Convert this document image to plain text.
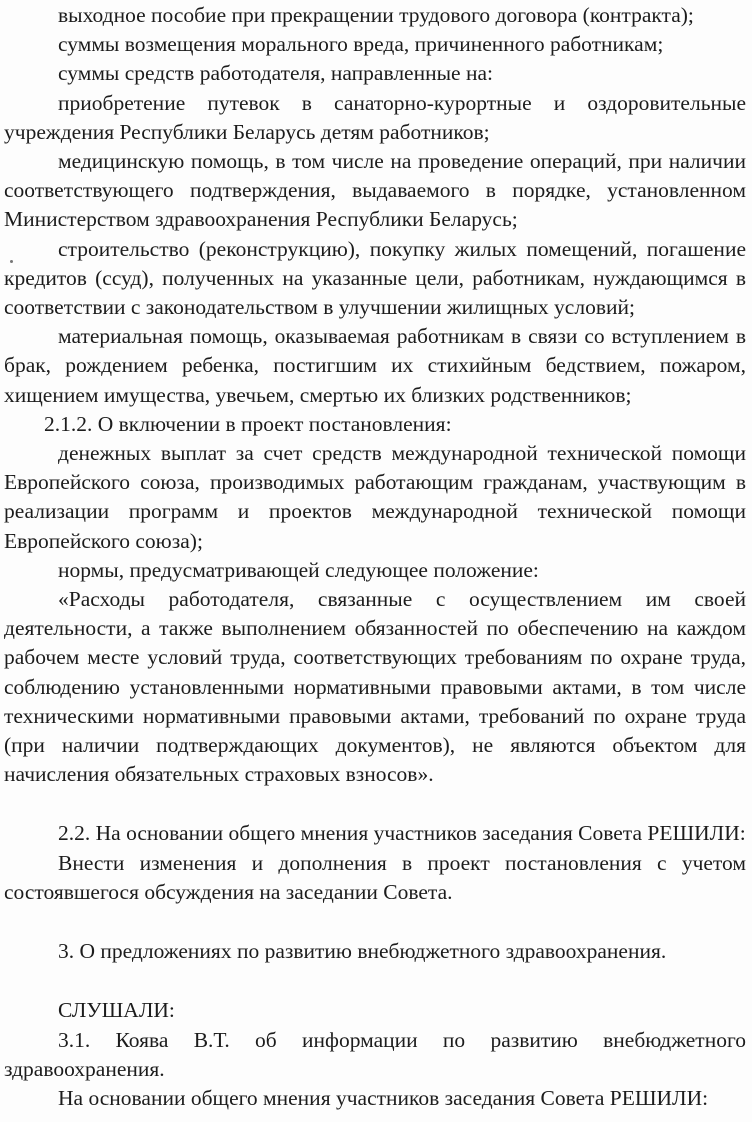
выходное пособие при прекращении трудового договора (контракта);

суммы возмещения морального вреда, причиненного работникам;

суммы средств работодателя, направленные на:

приобретение путевок в санаторно-курортные и оздоровительные учреждения Республики Беларусь детям работников;

медицинскую помощь, в том числе на проведение операций, при наличии соответствующего подтверждения, выдаваемого в порядке, установленном Министерством здравоохранения Республики Беларусь;

строительство (реконструкцию), покупку жилых помещений, погашение кредитов (ссуд), полученных на указанные цели, работникам, нуждающимся в соответствии с законодательством в улучшении жилищных условий;

материальная помощь, оказываемая работникам в связи со вступлением в брак, рождением ребенка, постигшим их стихийным бедствием, пожаром, хищением имущества, увечьем, смертью их близких родственников;

2.1.2. О включении в проект постановления:

денежных выплат за счет средств международной технической помощи Европейского союза, производимых работающим гражданам, участвующим в реализации программ и проектов международной технической помощи Европейского союза);

нормы, предусматривающей следующее положение:

«Расходы работодателя, связанные с осуществлением им своей деятельности, а также выполнением обязанностей по обеспечению на каждом рабочем месте условий труда, соответствующих требованиям по охране труда, соблюдению установленными нормативными правовыми актами, в том числе техническими нормативными правовыми актами, требований по охране труда (при наличии подтверждающих документов), не являются объектом для начисления обязательных страховых взносов».

2.2. На основании общего мнения участников заседания Совета РЕШИЛИ:

Внести изменения и дополнения в проект постановления с учетом состоявшегося обсуждения на заседании Совета.

3. О предложениях по развитию внебюджетного здравоохранения.

СЛУШАЛИ:

3.1. Коява В.Т. об информации по развитию внебюджетного здравоохранения.

На основании общего мнения участников заседания Совета РЕШИЛИ:
